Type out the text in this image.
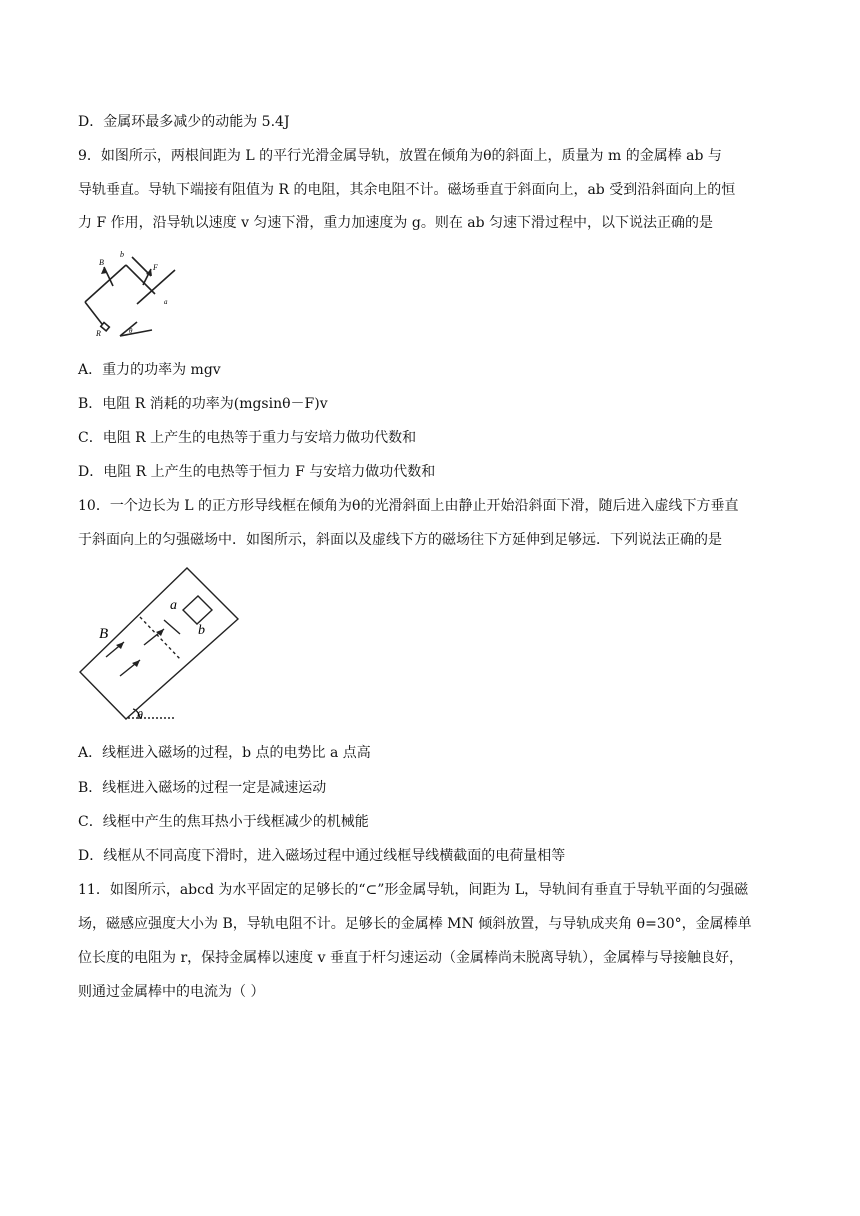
D．金属环最多减少的动能为 5.4J
9．如图所示，两根间距为 L 的平行光滑金属导轨，放置在倾角为θ的斜面上，质量为 m 的金属棒 ab 与
导轨垂直。导轨下端接有阻值为 R 的电阻，其余电阻不计。磁场垂直于斜面向上，ab 受到沿斜面向上的恒
力 F 作用，沿导轨以速度 v 匀速下滑，重力加速度为 g。则在 ab 匀速下滑过程中，以下说法正确的是
B
b
F
a
R	θ
A．重力的功率为 mgv
B．电阻 R 消耗的功率为(mgsinθ－F)v
C．电阻 R 上产生的电热等于重力与安培力做功代数和
D．电阻 R 上产生的电热等于恒力 F 与安培力做功代数和
10．一个边长为 L 的正方形导线框在倾角为θ的光滑斜面上由静止开始沿斜面下滑，随后进入虚线下方垂直
于斜面向上的匀强磁场中．如图所示，斜面以及虚线下方的磁场往下方延伸到足够远．下列说法正确的是
B
a
b
θ
A．线框进入磁场的过程，b 点的电势比 a 点高
B．线框进入磁场的过程一定是减速运动
C．线框中产生的焦耳热小于线框减少的机械能
D．线框从不同高度下滑时，进入磁场过程中通过线框导线横截面的电荷量相等
11．如图所示，abcd 为水平固定的足够长的“⊂”形金属导轨，间距为 L，导轨间有垂直于导轨平面的匀强磁
场，磁感应强度大小为 B，导轨电阻不计。足够长的金属棒 MN 倾斜放置，与导轨成夹角 θ=30°，金属棒单
位长度的电阻为 r，保持金属棒以速度 v 垂直于杆匀速运动（金属棒尚未脱离导轨），金属棒与导接触良好，
则通过金属棒中的电流为（ ）
